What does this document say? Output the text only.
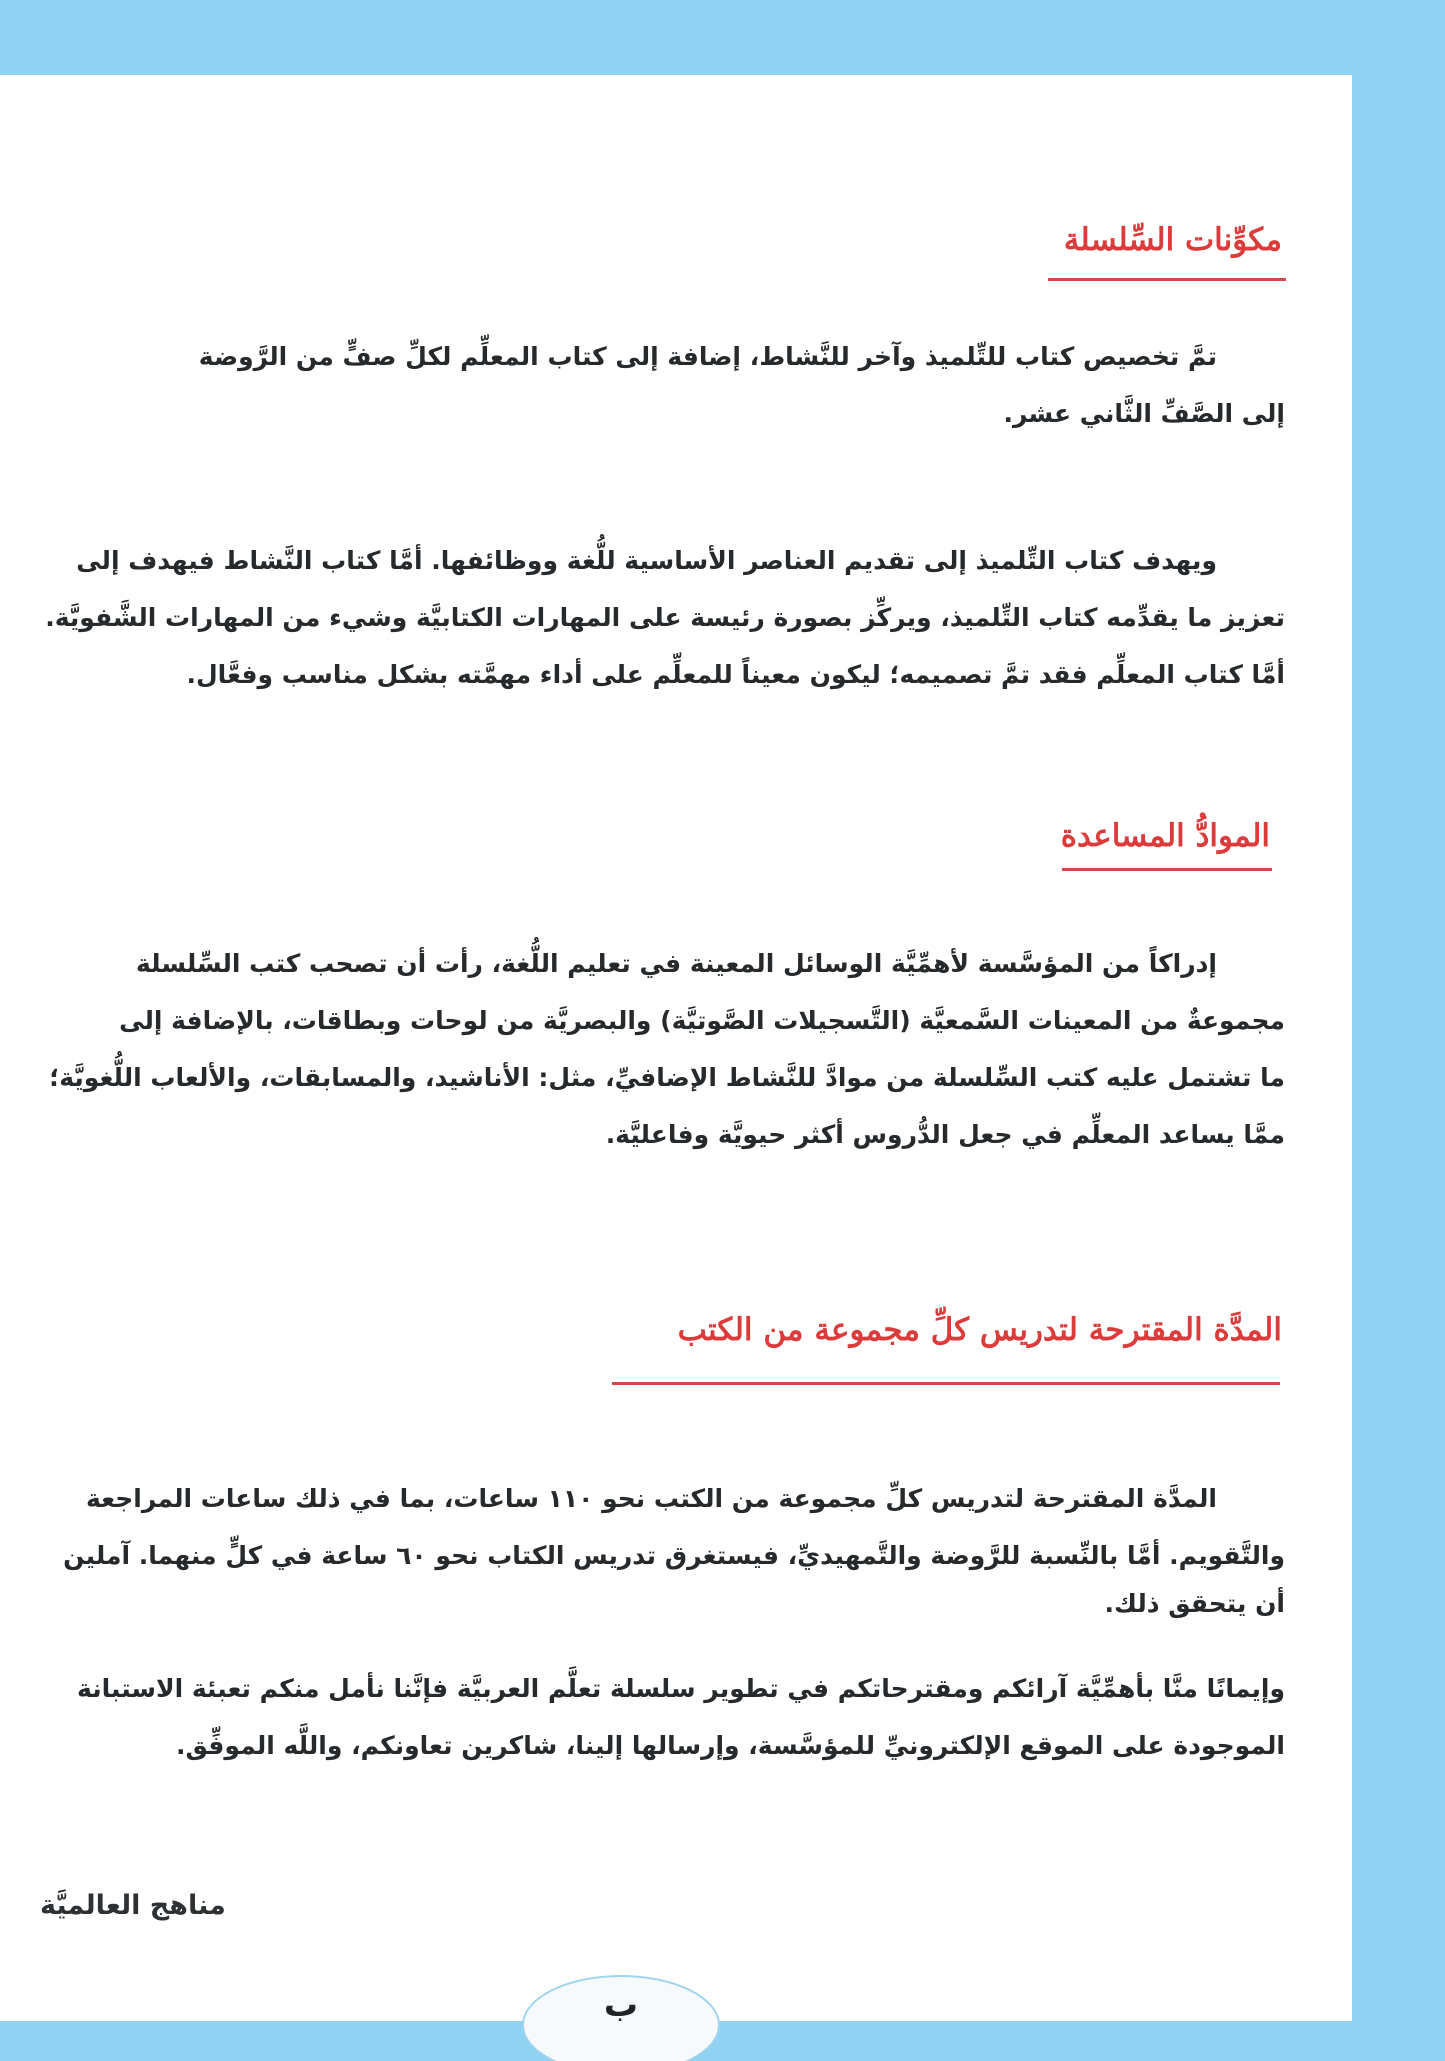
مكوِّنات السِّلسلة
تمَّ تخصيص كتاب للتِّلميذ وآخر للنَّشاط، إضافة إلى كتاب المعلِّم لكلِّ صفٍّ من الرَّوضة
إلى الصَّفِّ الثَّاني عشر.
ويهدف كتاب التِّلميذ إلى تقديم العناصر الأساسية للُّغة ووظائفها. أمَّا كتاب النَّشاط فيهدف إلى
تعزيز ما يقدِّمه كتاب التِّلميذ، ويركِّز بصورة رئيسة على المهارات الكتابيَّة وشيء من المهارات الشَّفويَّة.
أمَّا كتاب المعلِّم فقد تمَّ تصميمه؛ ليكون معيناً للمعلِّم على أداء مهمَّته بشكل مناسب وفعَّال.
الموادُّ المساعدة
إدراكاً من المؤسَّسة لأهمِّيَّة الوسائل المعينة في تعليم اللُّغة، رأت أن تصحب كتب السِّلسلة
مجموعةٌ من المعينات السَّمعيَّة (التَّسجيلات الصَّوتيَّة) والبصريَّة من لوحات وبطاقات، بالإضافة إلى
ما تشتمل عليه كتب السِّلسلة من موادَّ للنَّشاط الإضافيِّ، مثل: الأناشيد، والمسابقات، والألعاب اللُّغويَّة؛
ممَّا يساعد المعلِّم في جعل الدُّروس أكثر حيويَّة وفاعليَّة.
المدَّة المقترحة لتدريس كلِّ مجموعة من الكتب
المدَّة المقترحة لتدريس كلِّ مجموعة من الكتب نحو ١١٠ ساعات، بما في ذلك ساعات المراجعة
والتَّقويم. أمَّا بالنِّسبة للرَّوضة والتَّمهيديِّ، فيستغرق تدريس الكتاب نحو ٦٠ ساعة في كلٍّ منهما. آملين
أن يتحقق ذلك.
وإيمانًا منَّا بأهمِّيَّة آرائكم ومقترحاتكم في تطوير سلسلة تعلَّم العربيَّة فإنَّنا نأمل منكم تعبئة الاستبانة
الموجودة على الموقع الإلكترونيِّ للمؤسَّسة، وإرسالها إلينا، شاكرين تعاونكم، واللَّه الموفِّق.
مناهج العالميَّة
ب
